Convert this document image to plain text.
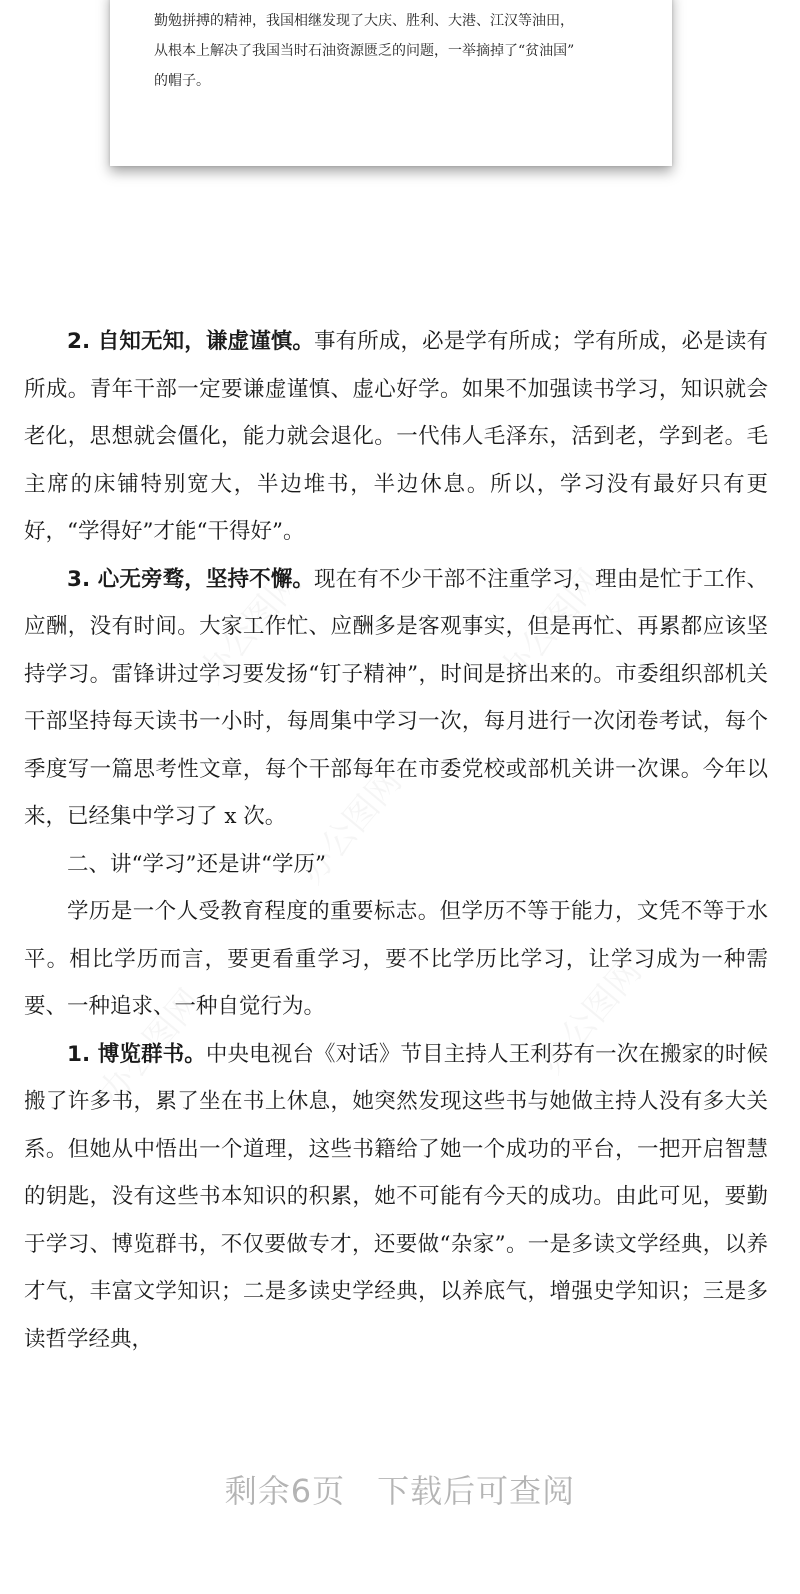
勤勉拼搏的精神，我国相继发现了大庆、胜利、大港、江汉等油田，
从根本上解决了我国当时石油资源匮乏的问题，一举摘掉了“贫油国”
的帽子。

2. 自知无知，谦虚谨慎。事有所成，必是学有所成；学有所成，必是读有所成。青年干部一定要谦虚谨慎、虚心好学。如果不加强读书学习，知识就会老化，思想就会僵化，能力就会退化。一代伟人毛泽东，活到老，学到老。毛主席的床铺特别宽大，半边堆书，半边休息。所以，学习没有最好只有更好，“学得好”才能“干得好”。

3. 心无旁骛，坚持不懈。现在有不少干部不注重学习，理由是忙于工作、应酬，没有时间。大家工作忙、应酬多是客观事实，但是再忙、再累都应该坚持学习。雷锋讲过学习要发扬“钉子精神”，时间是挤出来的。市委组织部机关干部坚持每天读书一小时，每周集中学习一次，每月进行一次闭卷考试，每个季度写一篇思考性文章，每个干部每年在市委党校或部机关讲一次课。今年以来，已经集中学习了 x 次。

二、讲“学习”还是讲“学历”

学历是一个人受教育程度的重要标志。但学历不等于能力，文凭不等于水平。相比学历而言，要更看重学习，要不比学历比学习，让学习成为一种需要、一种追求、一种自觉行为。

1. 博览群书。中央电视台《对话》节目主持人王利芬有一次在搬家的时候搬了许多书，累了坐在书上休息，她突然发现这些书与她做主持人没有多大关系。但她从中悟出一个道理，这些书籍给了她一个成功的平台，一把开启智慧的钥匙，没有这些书本知识的积累，她不可能有今天的成功。由此可见，要勤于学习、博览群书，不仅要做专才，还要做“杂家”。一是多读文学经典，以养才气，丰富文学知识；二是多读史学经典，以养底气，增强史学知识；三是多读哲学经典，

剩余6页 下载后可查阅
